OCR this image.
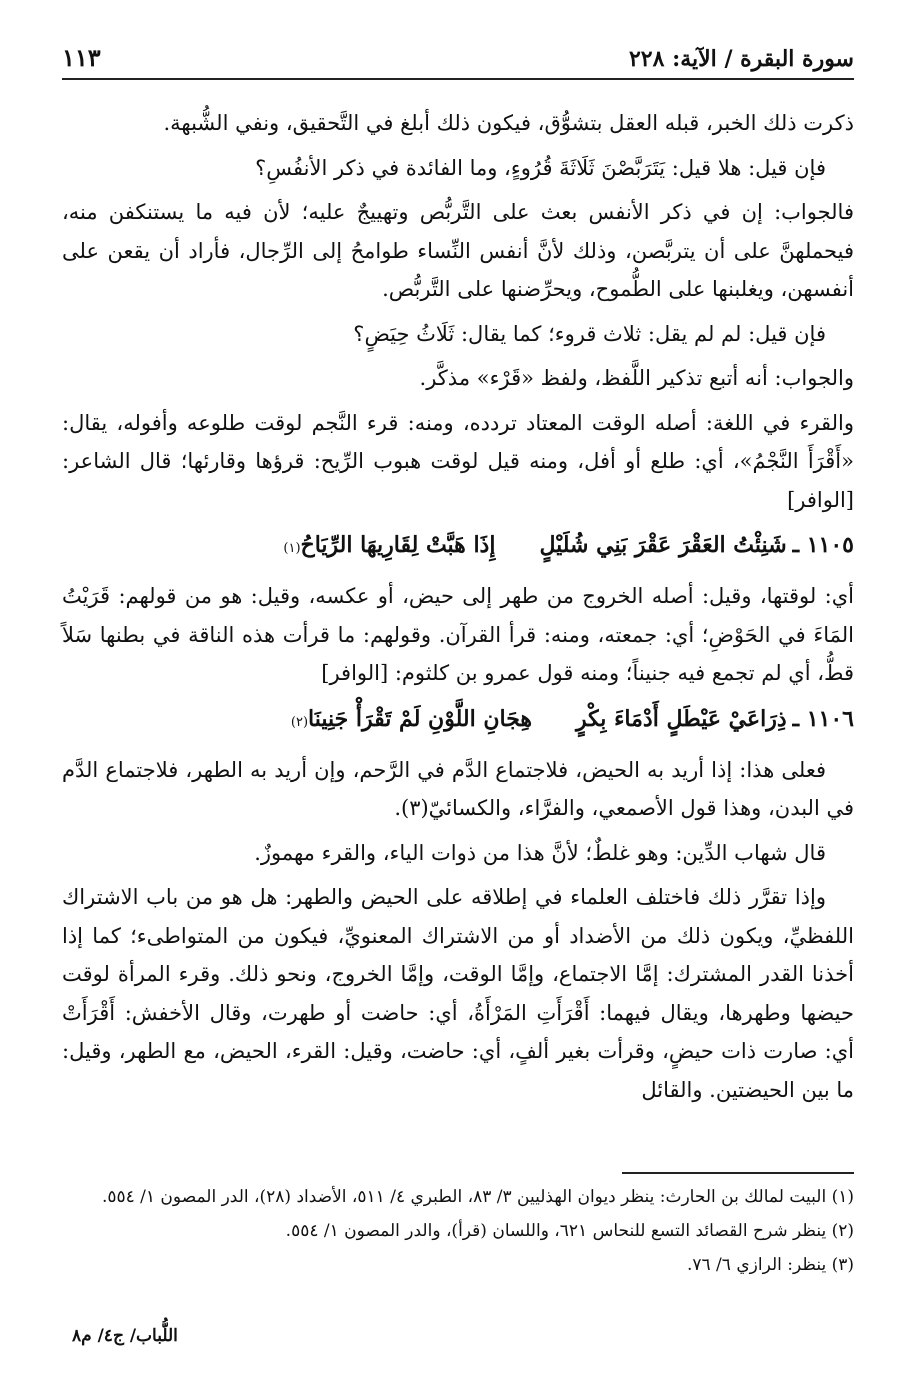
سورة البقرة / الآية: ٢٢٨
١١٣

ذكرت ذلك الخبر، قبله العقل بتشوُّق، فيكون ذلك أبلغ في التَّحقيق، ونفي الشُّبهة.

فإن قيل: هلا قيل: يَتَرَبَّصْنَ ثَلَاثَةَ قُرُوءٍ، وما الفائدة في ذكر الأنفُسِ؟

فالجواب: إن في ذكر الأنفس بعث على التَّربُّص وتهييجٌ عليه؛ لأن فيه ما يستنكفن منه، فيحملهنَّ على أن يتربَّصن، وذلك لأنَّ أنفس النِّساء طوامحُ إلى الرِّجال، فأراد أن يقعن على أنفسهن، ويغلبنها على الطُّموح، ويحرِّضنها على التَّربُّص.

فإن قيل: لم لم يقل: ثلاث قروء؛ كما يقال: ثَلَاثُ حِيَضٍ؟

والجواب: أنه أتبع تذكير اللَّفظ، ولفظ «قَرْء» مذكَّر.

والقرء في اللغة: أصله الوقت المعتاد تردده، ومنه: قرء النَّجم لوقت طلوعه وأفوله، يقال: «أَقْرَأَ النَّجْمُ»، أي: طلع أو أفل، ومنه قيل لوقت هبوب الرِّيح: قرؤها وقارئها؛ قال الشاعر: [الوافر]

١١٠٥ ـ
شَنِئْتُ العَقْرَ عَقْرَ بَنِي شُلَيْلٍ
إِذَا هَبَّتْ لِقَارِيهَا الرِّيَاحُ
(١)

أي: لوقتها، وقيل: أصله الخروج من طهر إلى حيض، أو عكسه، وقيل: هو من قولهم: قَرَيْتُ المَاءَ في الحَوْضِ؛ أي: جمعته، ومنه: قرأ القرآن. وقولهم: ما قرأت هذه الناقة في بطنها سَلاً قطُّ، أي لم تجمع فيه جنيناً؛ ومنه قول عمرو بن كلثوم: [الوافر]

١١٠٦ ـ
ذِرَاعَيْ عَيْطَلٍ أَدْمَاءَ بِكْرٍ
هِجَانِ اللَّوْنِ لَمْ تَقْرَأْ جَنِينَا
(٢)

فعلى هذا: إذا أريد به الحيض، فلاجتماع الدَّم في الرَّحم، وإن أريد به الطهر، فلاجتماع الدَّم في البدن، وهذا قول الأصمعي، والفرَّاء، والكسائيّ(٣).

قال شهاب الدِّين: وهو غلطٌ؛ لأنَّ هذا من ذوات الياء، والقرء مهموزٌ.

وإذا تقرَّر ذلك فاختلف العلماء في إطلاقه على الحيض والطهر: هل هو من باب الاشتراك اللفظيِّ، ويكون ذلك من الأضداد أو من الاشتراك المعنويِّ، فيكون من المتواطىء؛ كما إذا أخذنا القدر المشترك: إمَّا الاجتماع، وإمَّا الوقت، وإمَّا الخروج، ونحو ذلك. وقرء المرأة لوقت حيضها وطهرها، ويقال فيهما: أَقْرَأَتِ المَرْأَةُ، أي: حاضت أو طهرت، وقال الأخفش: أَقْرَأَتْ أي: صارت ذات حيضٍ، وقرأت بغير ألفٍ، أي: حاضت، وقيل: القرء، الحيض، مع الطهر، وقيل: ما بين الحيضتين. والقائل

(١) البيت لمالك بن الحارث: ينظر ديوان الهذليين ٣/ ٨٣، الطبري ٤/ ٥١١، الأضداد (٢٨)، الدر المصون ١/ ٥٥٤.

(٢) ينظر شرح القصائد التسع للنحاس ٦٢١، واللسان (قرأ)، والدر المصون ١/ ٥٥٤.

(٣) ينظر: الرازي ٦/ ٧٦.

اللُّباب/ ج٤/ م٨
